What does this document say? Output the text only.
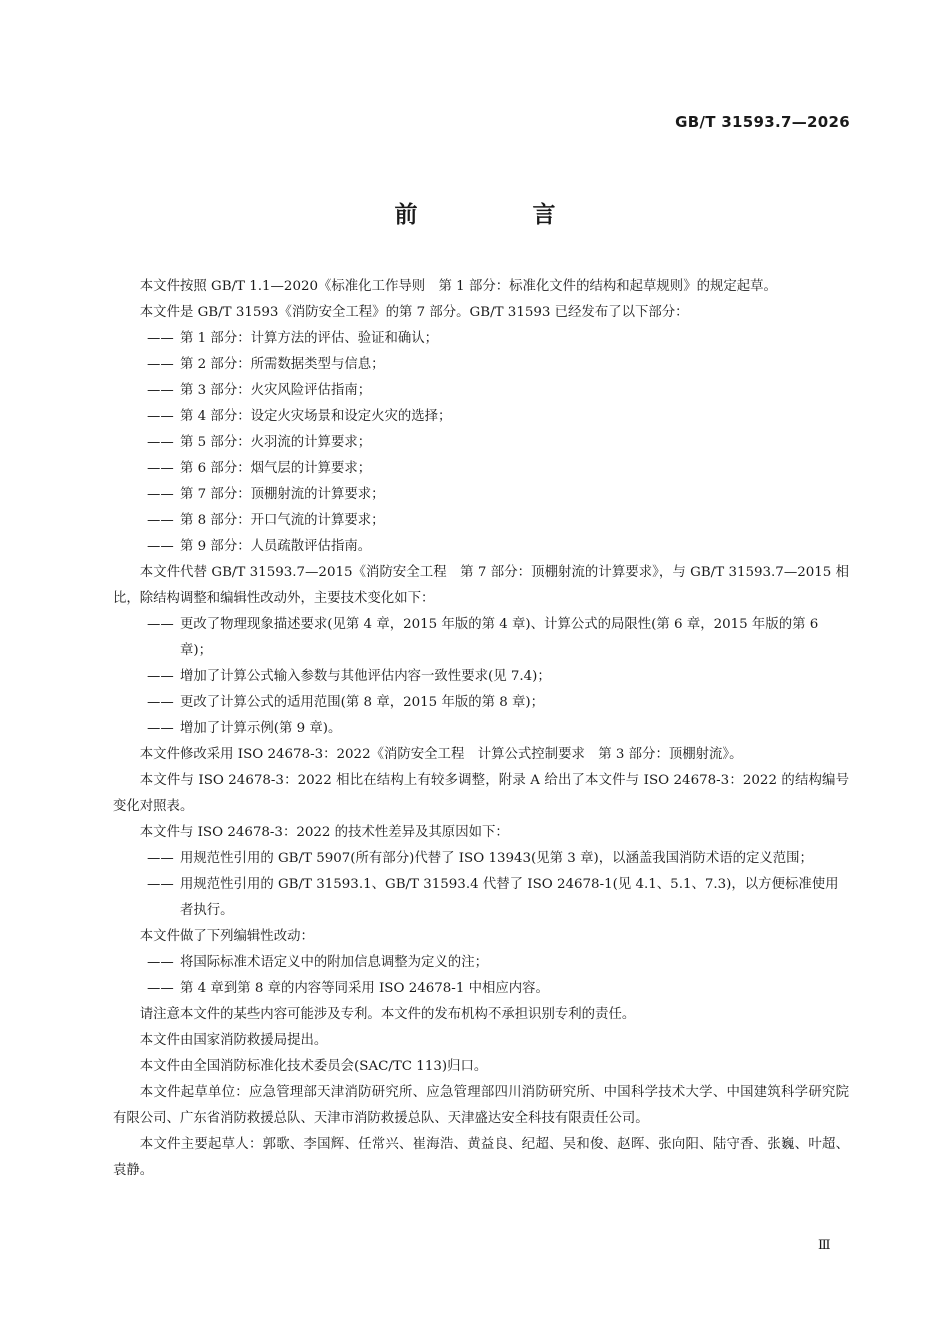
GB/T 31593.7—2026
前　言

本文件按照 GB/T 1.1—2020《标准化工作导则　第 1 部分：标准化文件的结构和起草规则》的规定起草。

本文件是 GB/T 31593《消防安全工程》的第 7 部分。GB/T 31593 已经发布了以下部分：

—— 第 1 部分：计算方法的评估、验证和确认；

—— 第 2 部分：所需数据类型与信息；

—— 第 3 部分：火灾风险评估指南；

—— 第 4 部分：设定火灾场景和设定火灾的选择；

—— 第 5 部分：火羽流的计算要求；

—— 第 6 部分：烟气层的计算要求；

—— 第 7 部分：顶棚射流的计算要求；

—— 第 8 部分：开口气流的计算要求；

—— 第 9 部分：人员疏散评估指南。

本文件代替 GB/T 31593.7—2015《消防安全工程　第 7 部分：顶棚射流的计算要求》，与 GB/T 31593.7—2015 相比，除结构调整和编辑性改动外，主要技术变化如下：

—— 更改了物理现象描述要求(见第 4 章，2015 年版的第 4 章)、计算公式的局限性(第 6 章，2015 年版的第 6 章)；

—— 增加了计算公式输入参数与其他评估内容一致性要求(见 7.4)；

—— 更改了计算公式的适用范围(第 8 章，2015 年版的第 8 章)；

—— 增加了计算示例(第 9 章)。

本文件修改采用 ISO 24678-3：2022《消防安全工程　计算公式控制要求　第 3 部分：顶棚射流》。

本文件与 ISO 24678-3：2022 相比在结构上有较多调整，附录 A 给出了本文件与 ISO 24678-3：2022 的结构编号变化对照表。

本文件与 ISO 24678-3：2022 的技术性差异及其原因如下：

—— 用规范性引用的 GB/T 5907(所有部分)代替了 ISO 13943(见第 3 章)，以涵盖我国消防术语的定义范围；

—— 用规范性引用的 GB/T 31593.1、GB/T 31593.4 代替了 ISO 24678-1(见 4.1、5.1、7.3)，以方便标准使用者执行。

本文件做了下列编辑性改动：

—— 将国际标准术语定义中的附加信息调整为定义的注；

—— 第 4 章到第 8 章的内容等同采用 ISO 24678-1 中相应内容。

请注意本文件的某些内容可能涉及专利。本文件的发布机构不承担识别专利的责任。

本文件由国家消防救援局提出。

本文件由全国消防标准化技术委员会(SAC/TC 113)归口。

本文件起草单位：应急管理部天津消防研究所、应急管理部四川消防研究所、中国科学技术大学、中国建筑科学研究院有限公司、广东省消防救援总队、天津市消防救援总队、天津盛达安全科技有限责任公司。

本文件主要起草人：郭歌、李国辉、任常兴、崔海浩、黄益良、纪超、吴和俊、赵晖、张向阳、陆守香、张巍、叶超、袁静。

Ⅲ
